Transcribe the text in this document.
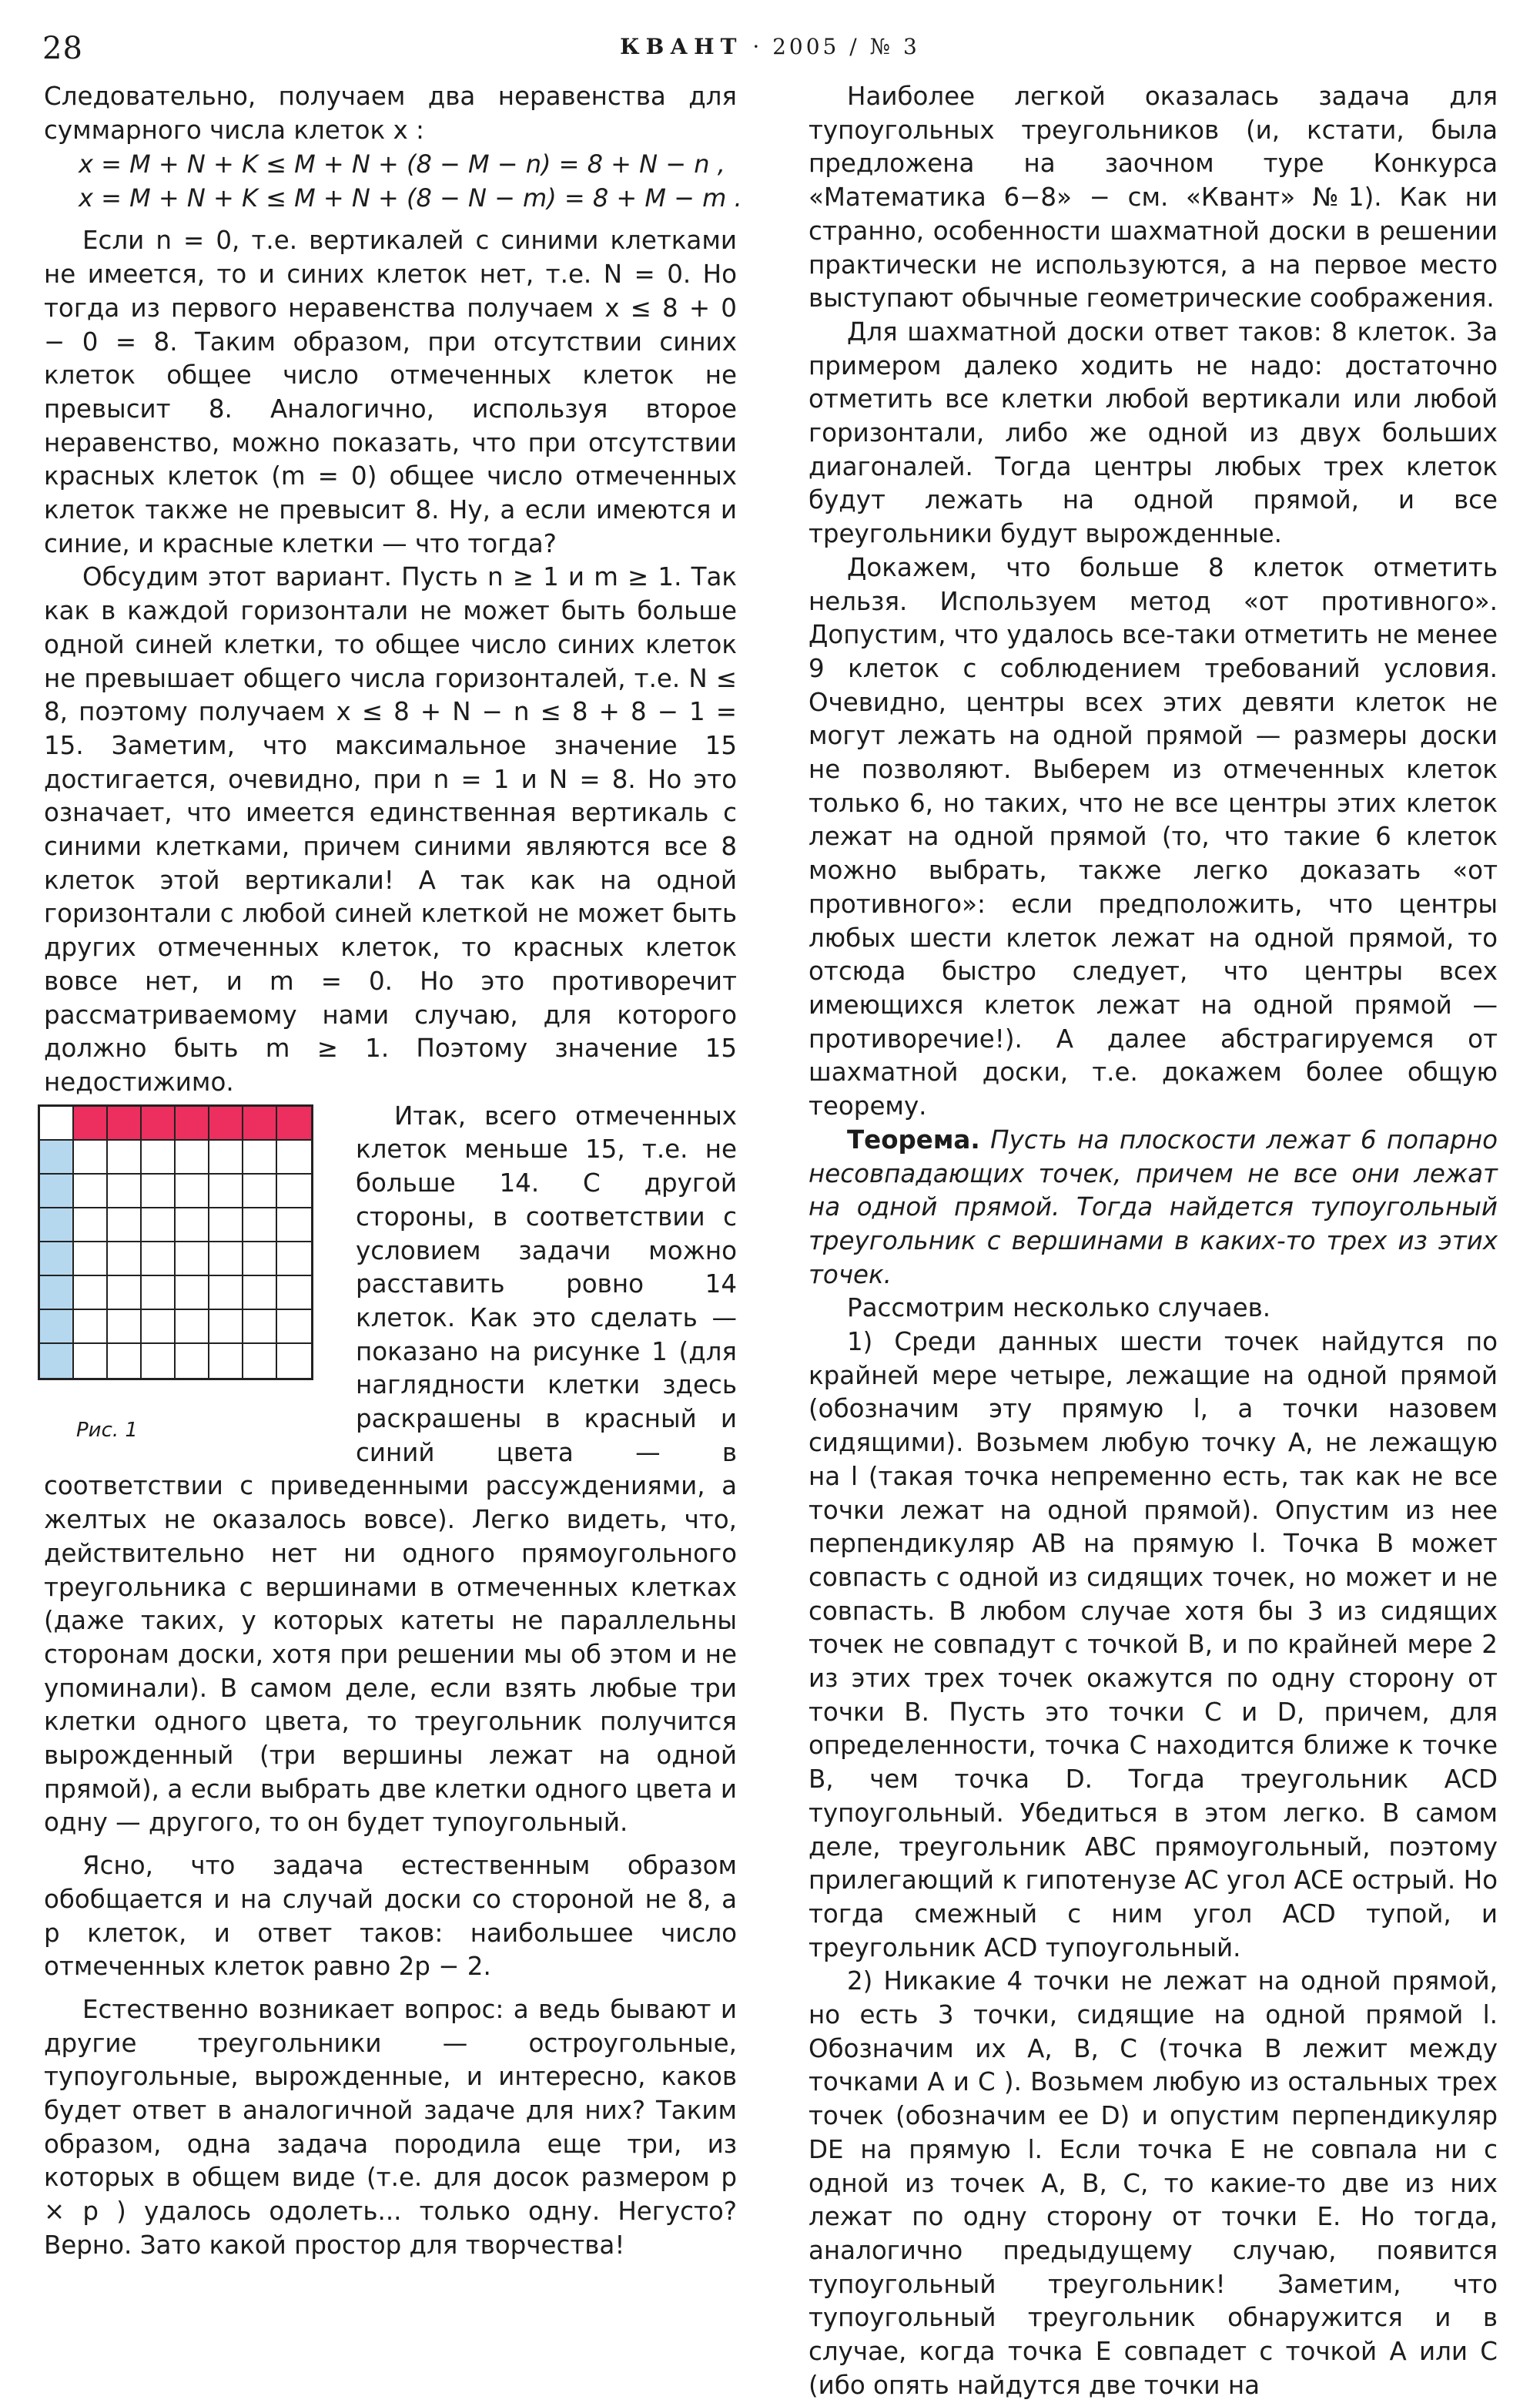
28	КВАНТ · 2005 / № 3

Следовательно, получаем два неравенства для суммарного числа клеток x :

x = M + N + K ≤ M + N + (8 − M − n) = 8 + N − n ,
x = M + N + K ≤ M + N + (8 − N − m) = 8 + M − m .

Если n = 0, т.е. вертикалей с синими клетками не имеется, то и синих клеток нет, т.е. N = 0. Но тогда из первого неравенства получаем x ≤ 8 + 0 − 0 = 8. Таким образом, при отсутствии синих клеток общее число отмеченных клеток не превысит 8. Аналогично, используя второе неравенство, можно показать, что при отсутствии красных клеток (m = 0) общее число отмеченных клеток также не превысит 8. Ну, а если имеются и синие, и красные клетки — что тогда?

Обсудим этот вариант. Пусть n ≥ 1 и m ≥ 1. Так как в каждой горизонтали не может быть больше одной синей клетки, то общее число синих клеток не превышает общего числа горизонталей, т.е. N ≤ 8, поэтому получаем x ≤ 8 + N − n ≤ 8 + 8 − 1 = 15. Заметим, что максимальное значение 15 достигается, очевидно, при n = 1 и N = 8. Но это означает, что имеется единственная вертикаль с синими клетками, причем синими являются все 8 клеток этой вертикали! А так как на одной горизонтали с любой синей клеткой не может быть других отмеченных клеток, то красных клеток вовсе нет, и m = 0. Но это противоречит рассматриваемому нами случаю, для которого должно быть m ≥ 1. Поэтому значение 15 недостижимо.

Рис. 1
Итак, всего отмеченных клеток меньше 15, т.е. не больше 14. С другой стороны, в соответствии с условием задачи можно расставить ровно 14 клеток. Как это сделать — показано на рисунке 1 (для наглядности клетки здесь раскрашены в красный и синий цвета — в соответствии с приведенными рассуждениями, а желтых не оказалось вовсе). Легко видеть, что, действительно нет ни одного прямоугольного треугольника с вершинами в отмеченных клетках (даже таких, у которых катеты не параллельны сторонам доски, хотя при решении мы об этом и не упоминали). В самом деле, если взять любые три клетки одного цвета, то треугольник получится вырожденный (три вершины лежат на одной прямой), а если выбрать две клетки одного цвета и одну — другого, то он будет тупоугольный.

Ясно, что задача естественным образом обобщается и на случай доски со стороной не 8, а p клеток, и ответ таков: наибольшее число отмеченных клеток равно 2p − 2.

Естественно возникает вопрос: а ведь бывают и другие треугольники — остроугольные, тупоугольные, вырожденные, и интересно, каков будет ответ в аналогичной задаче для них? Таким образом, одна задача породила еще три, из которых в общем виде (т.е. для досок размером p × p ) удалось одолеть... только одну. Негусто? Верно. Зато какой простор для творчества!

Наиболее легкой оказалась задача для тупоугольных треугольников (и, кстати, была предложена на заочном туре Конкурса «Математика 6−8» − см. «Квант» №1). Как ни странно, особенности шахматной доски в решении практически не используются, а на первое место выступают обычные геометрические соображения.

Для шахматной доски ответ таков: 8 клеток. За примером далеко ходить не надо: достаточно отметить все клетки любой вертикали или любой горизонтали, либо же одной из двух больших диагоналей. Тогда центры любых трех клеток будут лежать на одной прямой, и все треугольники будут вырожденные.

Докажем, что больше 8 клеток отметить нельзя. Используем метод «от противного». Допустим, что удалось все-таки отметить не менее 9 клеток с соблюдением требований условия. Очевидно, центры всех этих девяти клеток не могут лежать на одной прямой — размеры доски не позволяют. Выберем из отмеченных клеток только 6, но таких, что не все центры этих клеток лежат на одной прямой (то, что такие 6 клеток можно выбрать, также легко доказать «от противного»: если предположить, что центры любых шести клеток лежат на одной прямой, то отсюда быстро следует, что центры всех имеющихся клеток лежат на одной прямой — противоречие!). А далее абстрагируемся от шахматной доски, т.е. докажем более общую теорему.

Теорема. Пусть на плоскости лежат 6 попарно несовпадающих точек, причем не все они лежат на одной прямой. Тогда найдется тупоугольный треугольник с вершинами в каких-то трех из этих точек.

Рассмотрим несколько случаев.

1) Среди данных шести точек найдутся по крайней мере четыре, лежащие на одной прямой (обозначим эту прямую l, а точки назовем сидящими). Возьмем любую точку A, не лежащую на l (такая точка непременно есть, так как не все точки лежат на одной прямой). Опустим из нее перпендикуляр AB на прямую l. Точка B может совпасть с одной из сидящих точек, но может и не совпасть. В любом случае хотя бы 3 из сидящих точек не совпадут с точкой B, и по крайней мере 2 из этих трех точек окажутся по одну сторону от точки B. Пусть это точки C и D, причем, для определенности, точка C находится ближе к точке B, чем точка D. Тогда треугольник ACD тупоугольный. Убедиться в этом легко. В самом деле, треугольник ABC прямоугольный, поэтому прилегающий к гипотенузе AC угол ACE острый. Но тогда смежный с ним угол ACD тупой, и треугольник ACD тупоугольный.

2) Никакие 4 точки не лежат на одной прямой, но есть 3 точки, сидящие на одной прямой l. Обозначим их A, B, C (точка B лежит между точками A и C ). Возьмем любую из остальных трех точек (обозначим ее D) и опустим перпендикуляр DE на прямую l. Если точка E не совпала ни с одной из точек A, B, C, то какие-то две из них лежат по одну сторону от точки E. Но тогда, аналогично предыдущему случаю, появится тупоугольный треугольник! Заметим, что тупоугольный треугольник обнаружится и в случае, когда точка E совпадет с точкой A или C (ибо опять найдутся две точки на
